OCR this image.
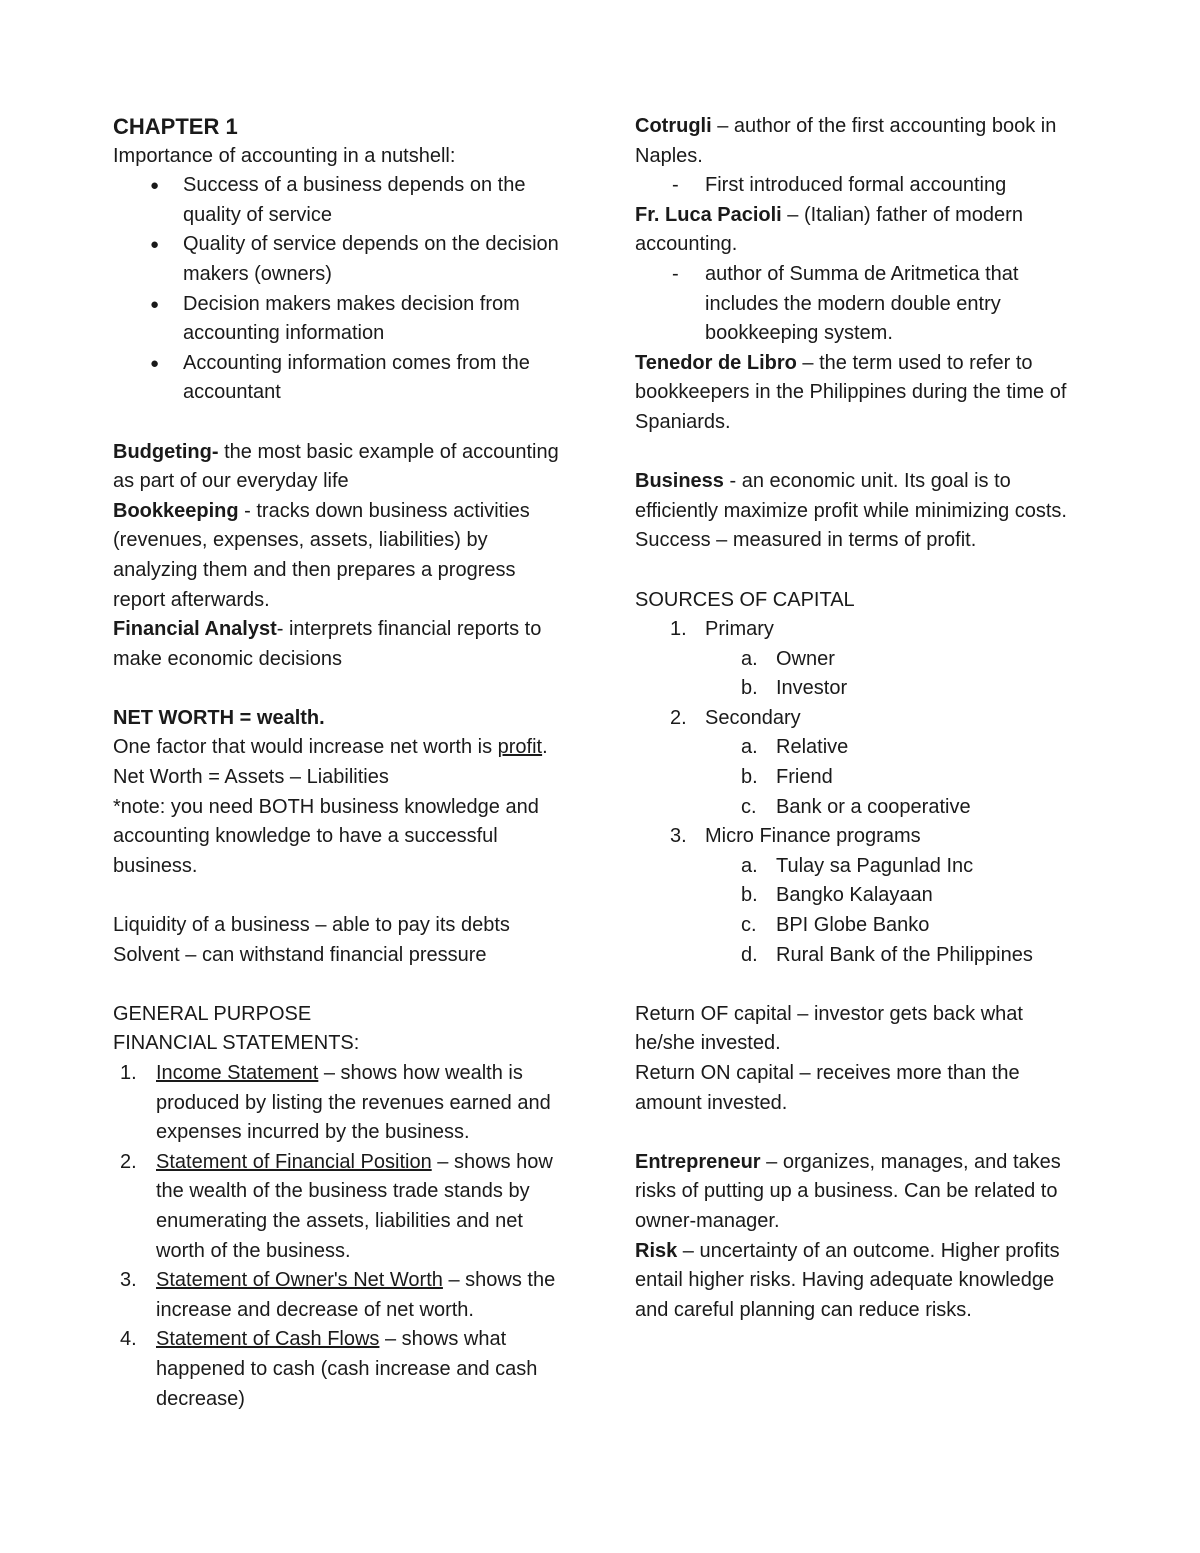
CHAPTER 1

Importance of accounting in a nutshell:

●	Success of a business depends on the quality of service
●	Quality of service depends on the decision makers (owners)
●	Decision makers makes decision from accounting information
●	Accounting information comes from the accountant

Budgeting- the most basic example of accounting as part of our everyday life

Bookkeeping - tracks down business activities (revenues, expenses, assets, liabilities) by analyzing them and then prepares a progress report afterwards.

Financial Analyst- interprets financial reports to make economic decisions

NET WORTH = wealth.

One factor that would increase net worth is profit.

Net Worth = Assets – Liabilities

*note: you need BOTH business knowledge and accounting knowledge to have a successful business.

Liquidity of a business – able to pay its debts

Solvent – can withstand financial pressure

GENERAL PURPOSE

FINANCIAL STATEMENTS:

1. Income Statement – shows how wealth is produced by listing the revenues earned and expenses incurred by the business.
2. Statement of Financial Position – shows how the wealth of the business trade stands by enumerating the assets, liabilities and net worth of the business.
3. Statement of Owner's Net Worth – shows the increase and decrease of net worth.
4. Statement of Cash Flows – shows what happened to cash (cash increase and cash decrease)

Cotrugli – author of the first accounting book in Naples.

- First introduced formal accounting

Fr. Luca Pacioli – (Italian) father of modern accounting.

- author of Summa de Aritmetica that includes the modern double entry bookkeeping system.

Tenedor de Libro – the term used to refer to bookkeepers in the Philippines during the time of Spaniards.

Business - an economic unit. Its goal is to efficiently maximize profit while minimizing costs.

Success – measured in terms of profit.

SOURCES OF CAPITAL

1. Primary
a. Owner
b. Investor
2. Secondary
a. Relative
b. Friend
c. Bank or a cooperative
3. Micro Finance programs
a. Tulay sa Pagunlad Inc
b. Bangko Kalayaan
c. BPI Globe Banko
d. Rural Bank of the Philippines

Return OF capital – investor gets back what he/she invested.

Return ON capital – receives more than the amount invested.

Entrepreneur – organizes, manages, and takes risks of putting up a business. Can be related to owner-manager.

Risk – uncertainty of an outcome. Higher profits entail higher risks. Having adequate knowledge and careful planning can reduce risks.
